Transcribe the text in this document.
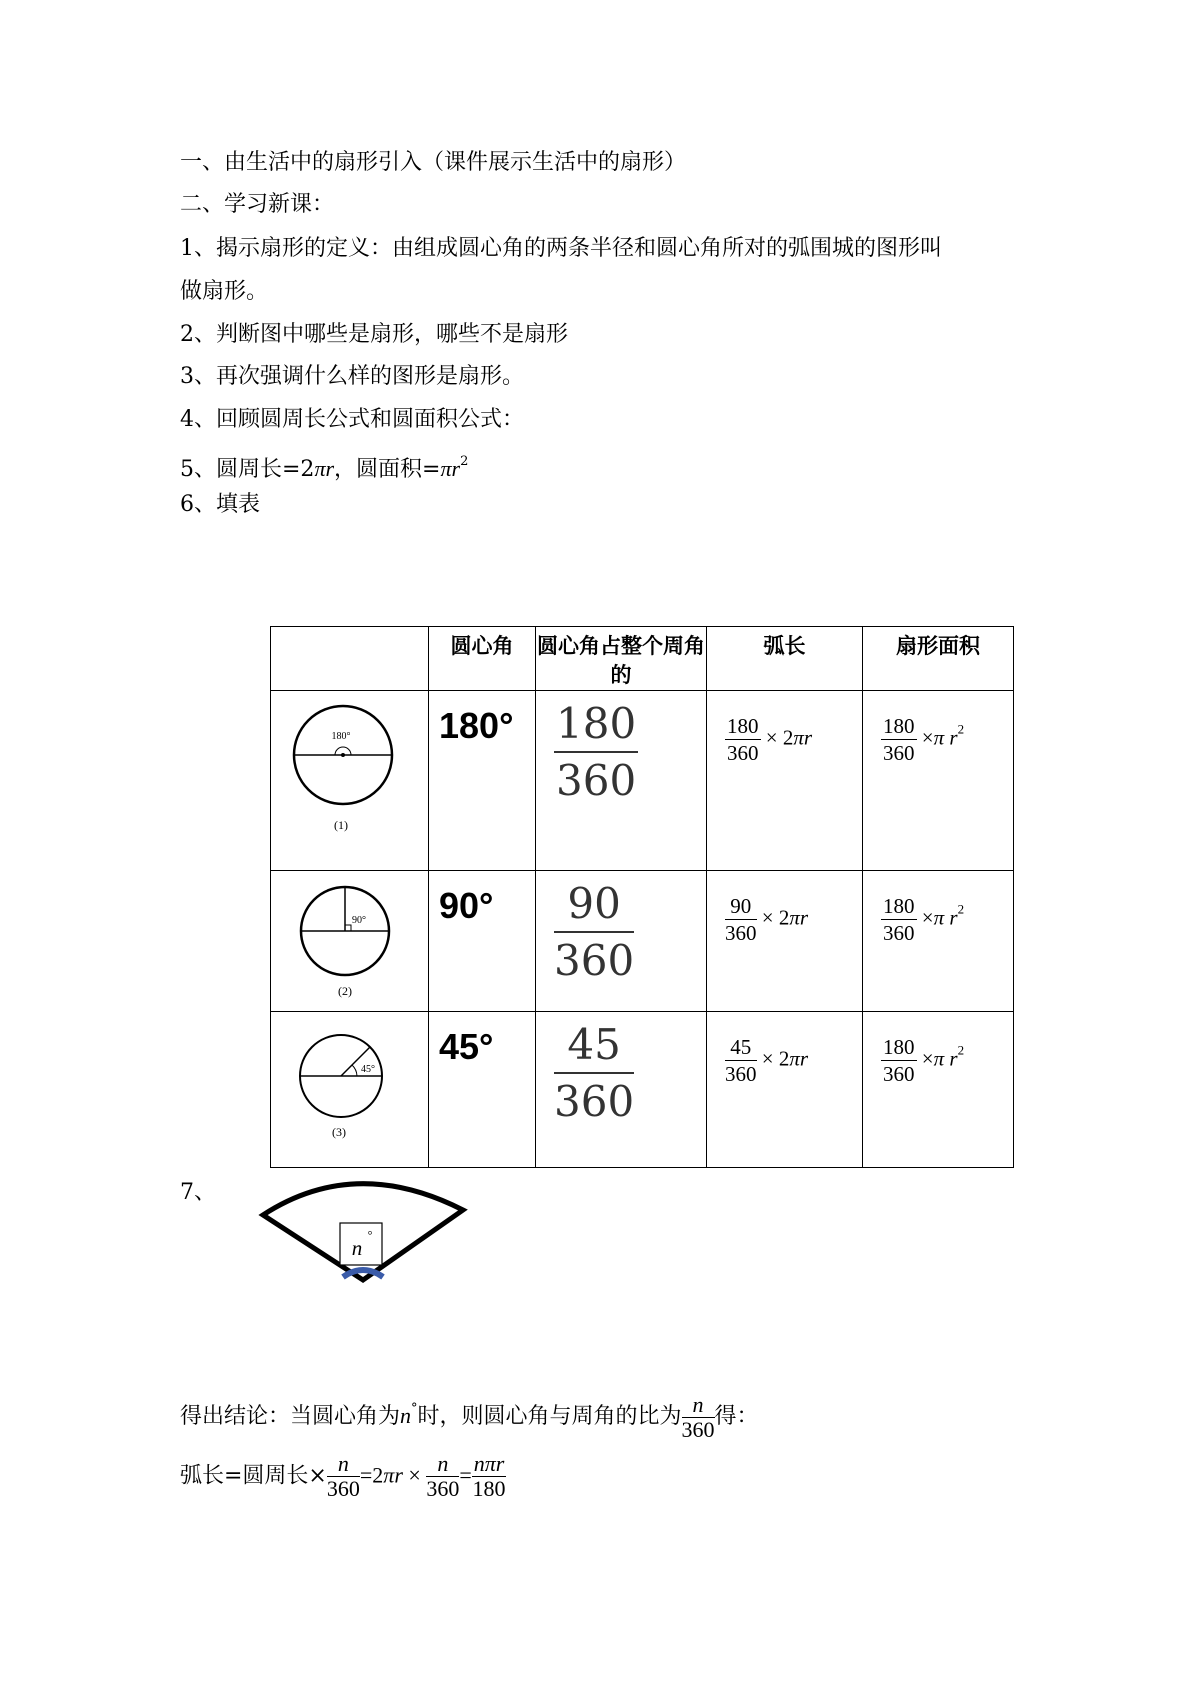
一、由生活中的扇形引入（课件展示生活中的扇形）
二、学习新课：
1、揭示扇形的定义：由组成圆心角的两条半径和圆心角所对的弧围城的图形叫
做扇形。
2、判断图中哪些是扇形，哪些不是扇形
3、再次强调什么样的图形是扇形。
4、回顾圆周长公式和圆面积公式：
5、圆周长=2πr，圆面积$=\pi r^2$
6、填表
	圆心角	圆心角占整个周角的	弧长	扇形面积

180°
(1)	180°	$\frac{180}{360}$	$\frac{180}{360} \times 2\pi r$	$\frac{180}{360} \times\pi$ $r^2$

90°
(2)	90°	$\frac{90}{360}$	$\frac{90}{360} \times 2\pi r$	$\frac{180}{360} \times\pi$ $r^2$

45°
(3)	45°	$\frac{45}{360}$	$\frac{45}{360} \times 2\pi r$	$\frac{180}{360} \times\pi$ $r^2$
7、
n
°
得出结论：当圆心角为n°时，则圆心角与周角的比为 $\frac{n}{360}$ 得：
弧长=圆周长× $\frac{n}{360} =2\pi r \times \frac{n}{360} = \frac{\text{nπr}}{180}$
